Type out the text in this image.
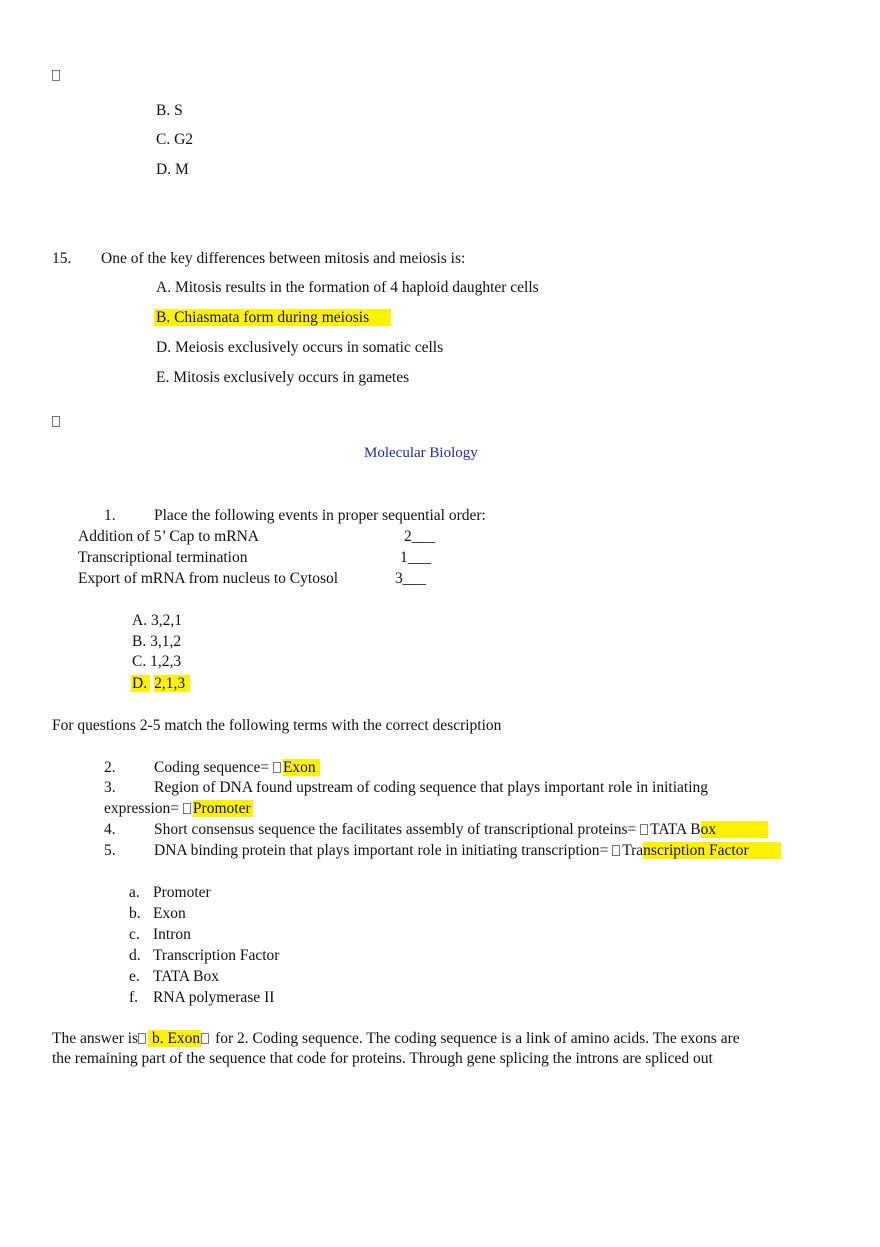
B. S
C. G2
D. M
15. One of the key differences between mitosis and meiosis is:
A. Mitosis results in the formation of 4 haploid daughter cells
B. Chiasmata form during meiosis
D. Meiosis exclusively occurs in somatic cells
E. Mitosis exclusively occurs in gametes
Molecular Biology
1. Place the following events in proper sequential order:
Addition of 5’ Cap to mRNA	2___
Transcriptional termination	1___
Export of mRNA from nucleus to Cytosol	3___
A. 3,2,1
B. 3,1,2
C. 1,2,3
D. 2,1,3
For questions 2-5 match the following terms with the correct description
2. Coding sequence= Exon
3. Region of DNA found upstream of coding sequence that plays important role in initiating
expression= Promoter
4. Short consensus sequence the facilitates assembly of transcriptional proteins= TATA Box
5. DNA binding protein that plays important role in initiating transcription= Transcription Factor
a. Promoter
b. Exon
c. Intron
d. Transcription Factor
e. TATA Box
f. RNA polymerase II
The answer is b. Exon for 2. Coding sequence. The coding sequence is a link of amino acids. The exons are
the remaining part of the sequence that code for proteins. Through gene splicing the introns are spliced out
